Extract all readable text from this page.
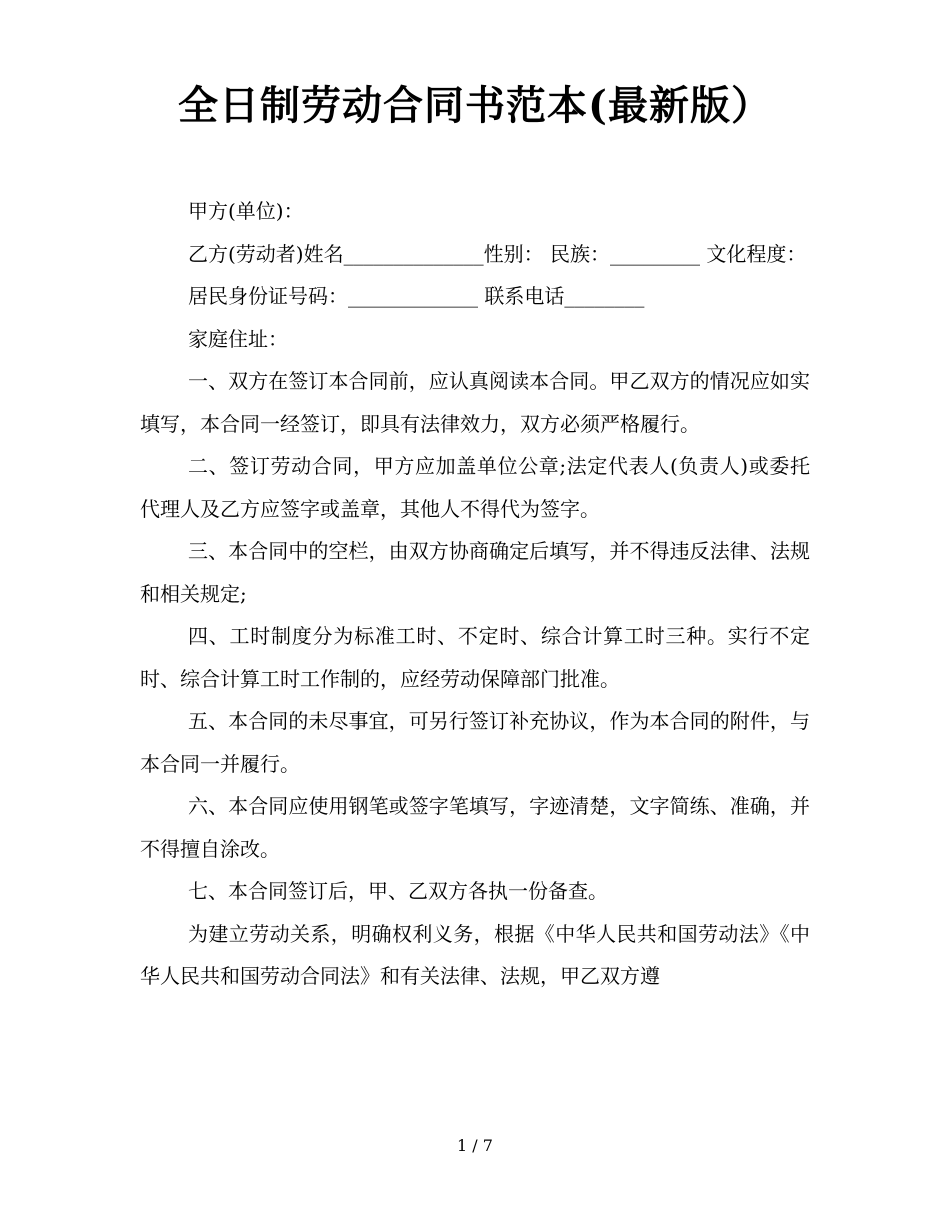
全日制劳动合同书范本(最新版）

甲方(单位)：

乙方(劳动者)姓名______________性别： 民族：_________ 文化程度：

居民身份证号码：_____________ 联系电话________

家庭住址：

一、双方在签订本合同前，应认真阅读本合同。甲乙双方的情况应如实填写，本合同一经签订，即具有法律效力，双方必须严格履行。

二、签订劳动合同，甲方应加盖单位公章;法定代表人(负责人)或委托代理人及乙方应签字或盖章，其他人不得代为签字。

三、本合同中的空栏，由双方协商确定后填写，并不得违反法律、法规和相关规定;

四、工时制度分为标准工时、不定时、综合计算工时三种。实行不定时、综合计算工时工作制的，应经劳动保障部门批准。

五、本合同的未尽事宜，可另行签订补充协议，作为本合同的附件，与本合同一并履行。

六、本合同应使用钢笔或签字笔填写，字迹清楚，文字简练、准确，并不得擅自涂改。

七、本合同签订后，甲、乙双方各执一份备查。

为建立劳动关系，明确权利义务，根据《中华人民共和国劳动法》《中华人民共和国劳动合同法》和有关法律、法规，甲乙双方遵

1 / 7
